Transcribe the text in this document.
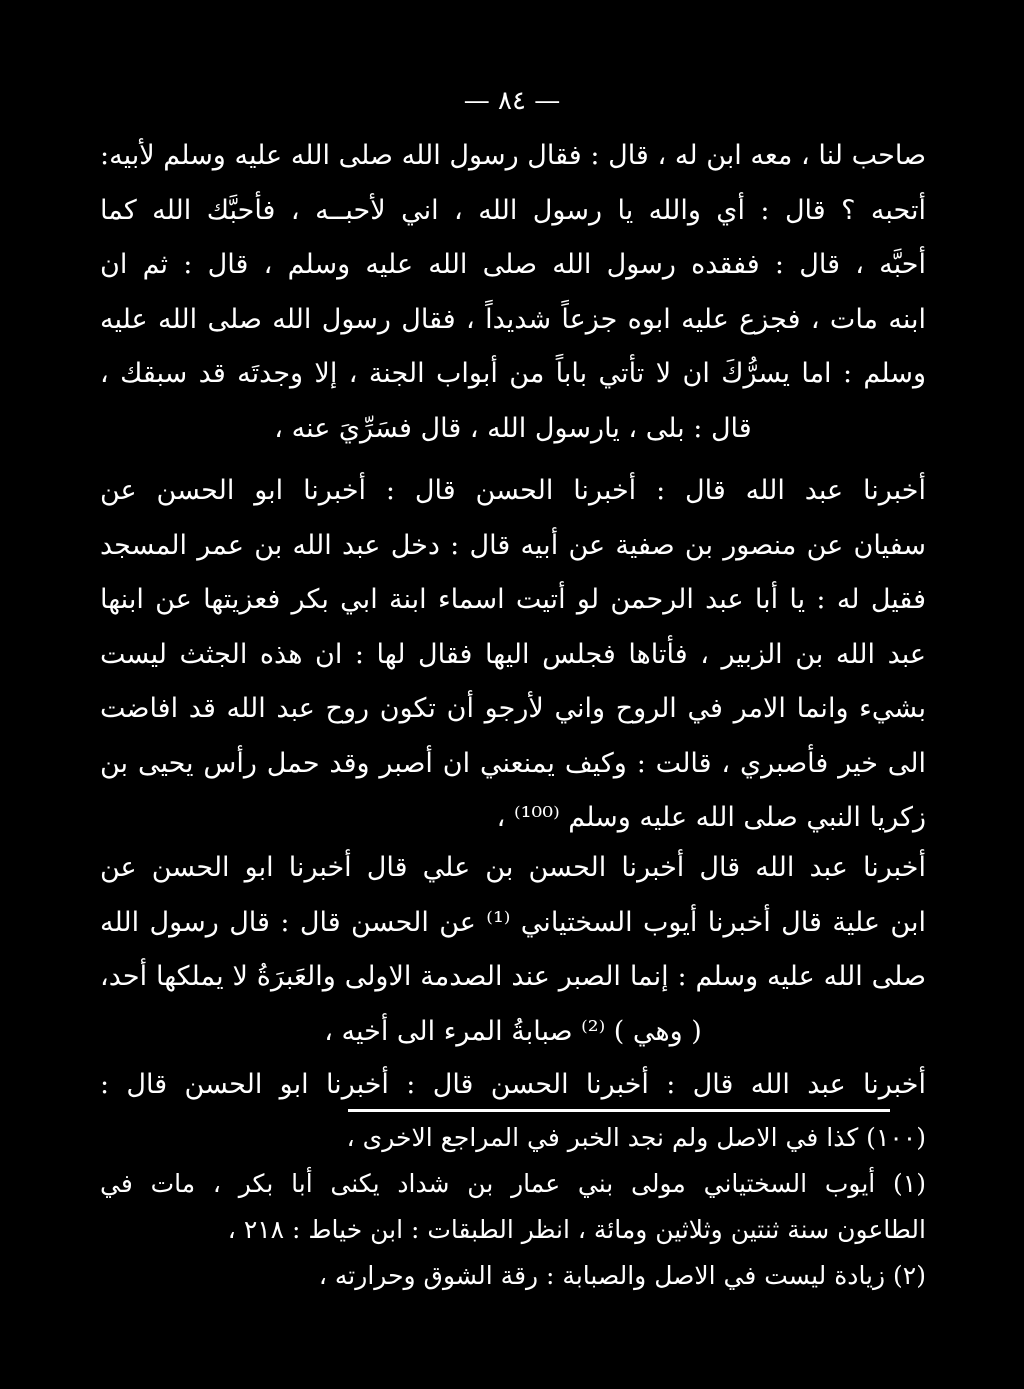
— ٨٤ —
صاحب لنا ، معه ابن له ، قال : فقال رسول الله صلى الله عليه وسلم لأبيه:
أتحبه ؟ قال : أي والله يا رسول الله ، اني لأحبــه ، فأحبَّك الله كما
أحبَّه ، قال : ففقده رسول الله صلى الله عليه وسلم ، قال : ثم ان
ابنه مات ، فجزع عليه ابوه جزعاً شديداً ، فقال رسول الله صلى الله عليه
وسلم : اما يسرُّكَ ان لا تأتي باباً من أبواب الجنة ، إلا وجدتَه قد سبقك ،
قال : بلى ، يارسول الله ، قال فسَرِّيَ عنه ،
أخبرنا عبد الله قال : أخبرنا الحسن قال : أخبرنا ابو الحسن عن
سفيان عن منصور بن صفية عن أبيه قال : دخل عبد الله بن عمر المسجد
فقيل له : يا أبا عبد الرحمن لو أتيت اسماء ابنة ابي بكر فعزيتها عن ابنها
عبد الله بن الزبير ، فأتاها فجلس اليها فقال لها : ان هذه الجثث ليست
بشيء وانما الامر في الروح واني لأرجو أن تكون روح عبد الله قد افاضت
الى خير فأصبري ، قالت : وكيف يمنعني ان أصبر وقد حمل رأس يحيى بن
زكريا النبي صلى الله عليه وسلم ⁽¹⁰⁰⁾ ،
أخبرنا عبد الله قال أخبرنا الحسن بن علي قال أخبرنا ابو الحسن عن
ابن علية قال أخبرنا أيوب السختياني ⁽¹⁾ عن الحسن قال : قال رسول الله
صلى الله عليه وسلم : إنما الصبر عند الصدمة الاولى والعَبرَةُ لا يملكها أحد،
( وهي ) ⁽²⁾ صبابةُ المرء الى أخيه ،
أخبرنا عبد الله قال : أخبرنا الحسن قال : أخبرنا ابو الحسن قال :
(١٠٠) كذا في الاصل ولم نجد الخبر في المراجع الاخرى ،
(١) أيوب السختياني مولى بني عمار بن شداد يكنى أبا بكر ، مات في
الطاعون سنة ثنتين وثلاثين ومائة ، انظر الطبقات : ابن خياط : ٢١٨ ،
(٢) زيادة ليست في الاصل والصبابة : رقة الشوق وحرارته ،
